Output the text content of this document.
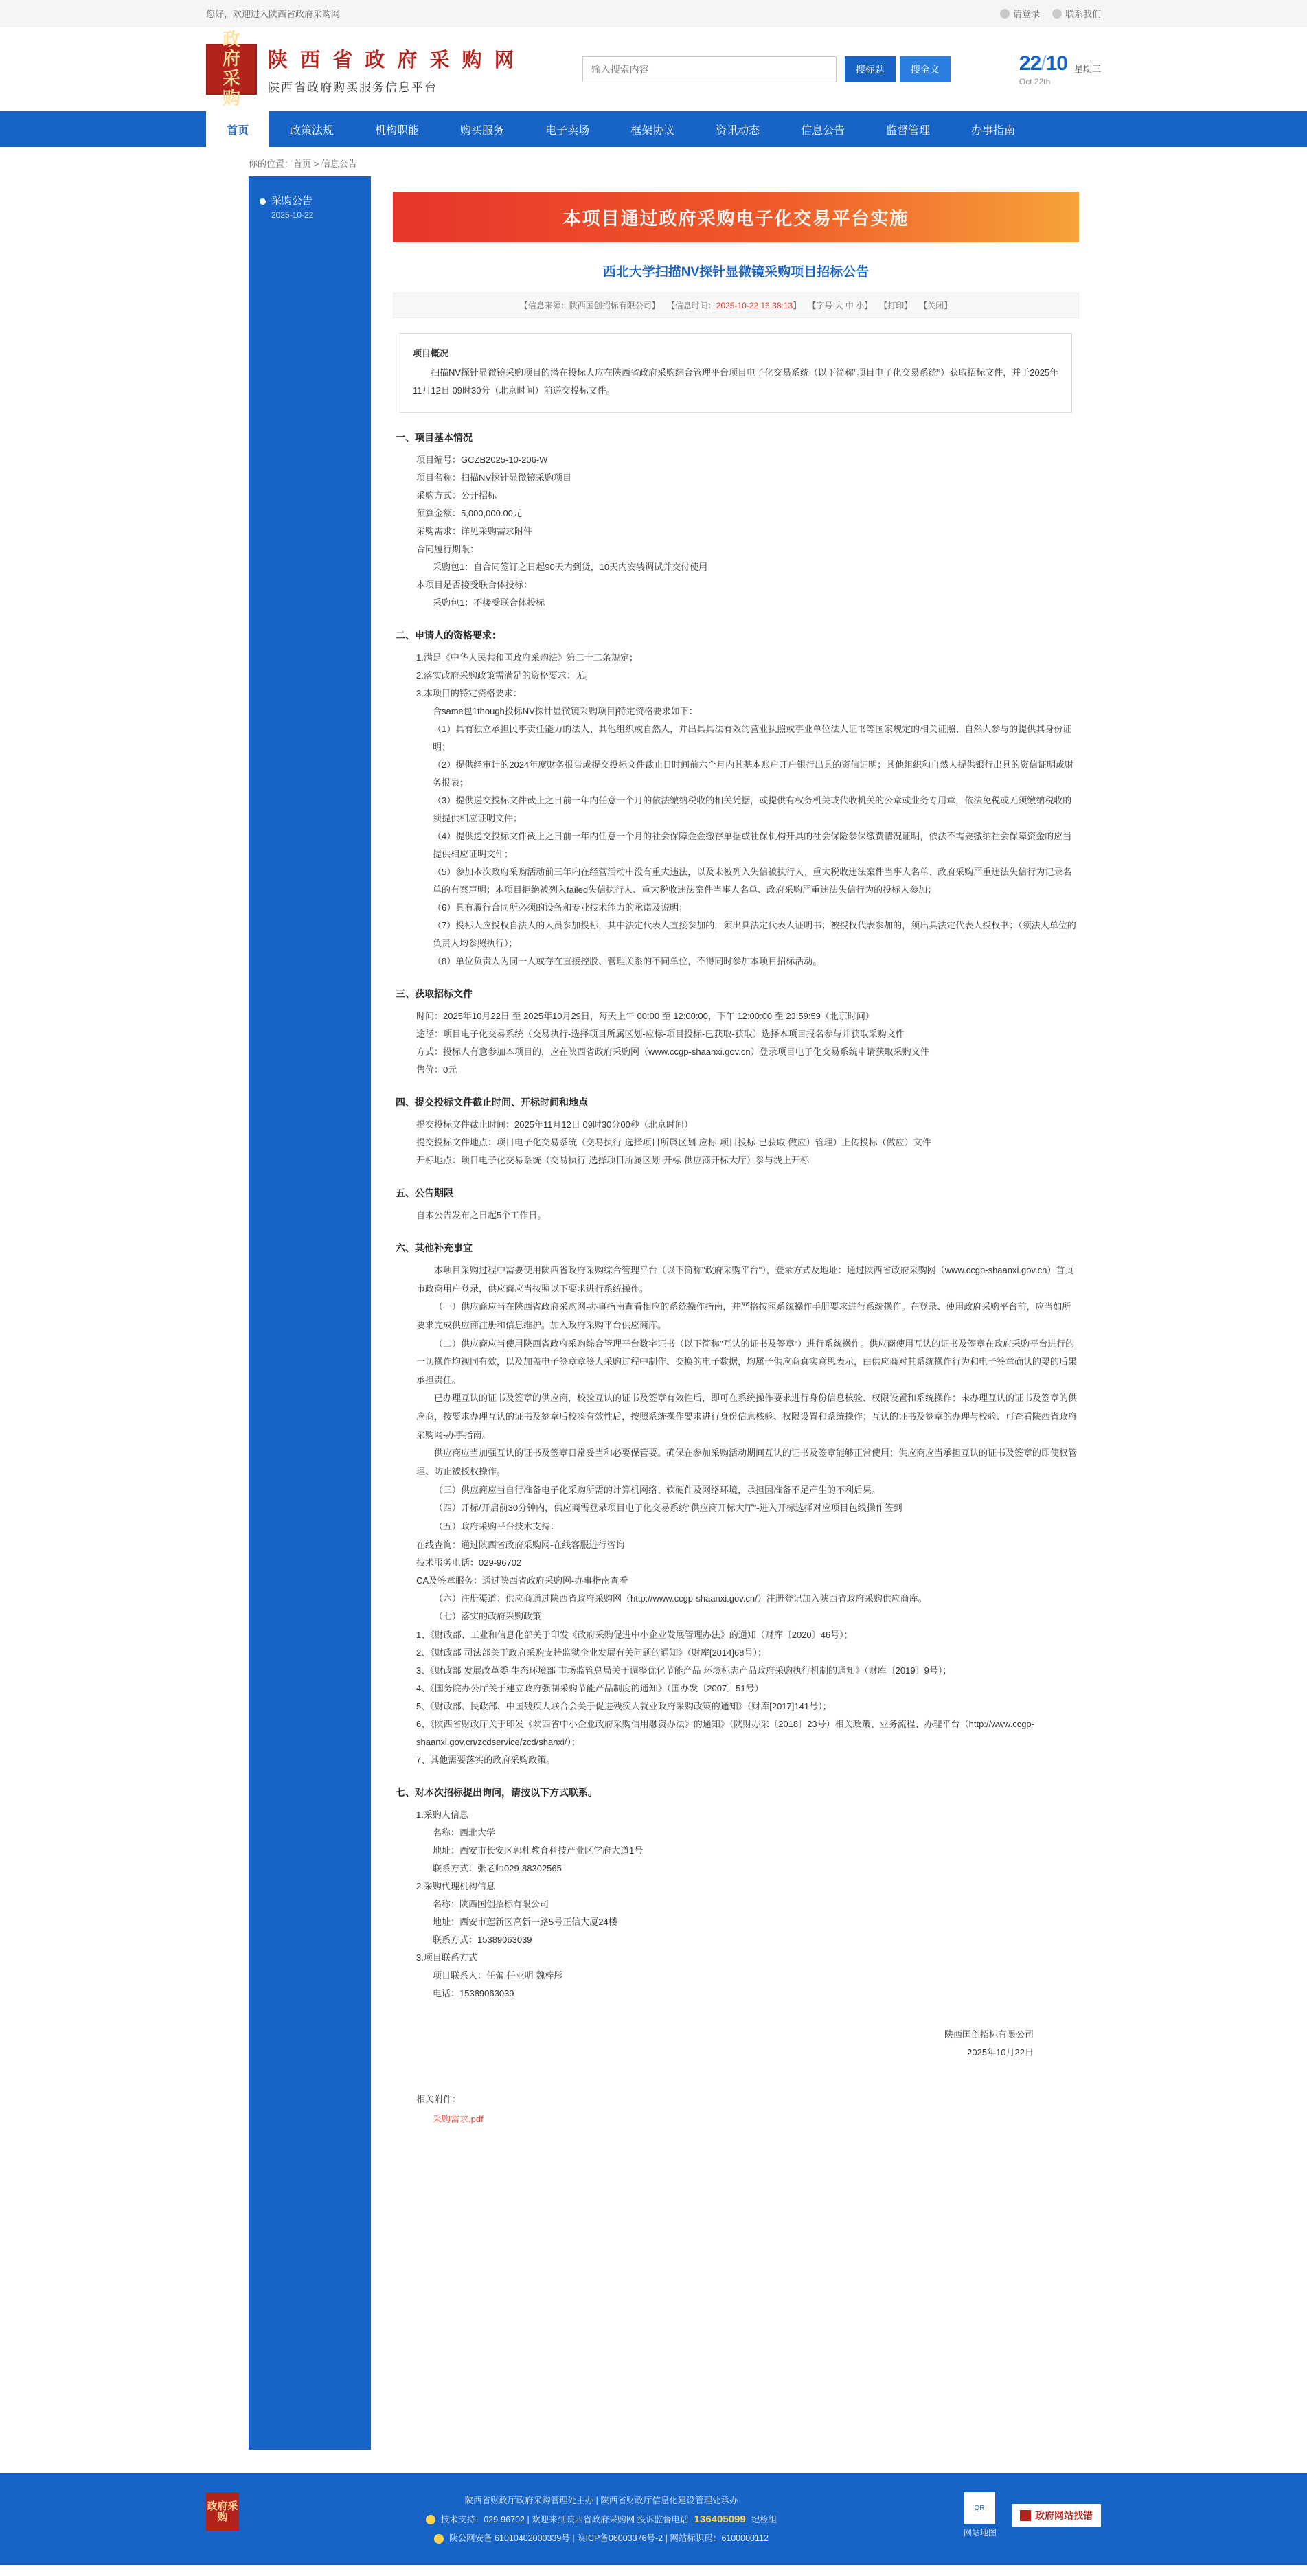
您好，欢迎进入陕西省政府采购网	请登录	联系我们
政府采购
陕 西 省 政 府 采 购 网
陕西省政府购买服务信息平台
输入搜索内容
搜标题	搜全文	22/10
Oct 22th
星期三
首页	政策法规	机构职能	购买服务	电子卖场	框架协议	资讯动态	信息公告	监督管理	办事指南
你的位置：首页 > 信息公告
采购公告
2025-10-22	本项目通过政府采购电子化交易平台实施
西北大学扫描NV探针显微镜采购项目招标公告
【信息来源：陕西国创招标有限公司】 【信息时间：2025-10-22 16:38:13】 【字号 大 中 小】 【打印】 【关闭】
项目概况

扫描NV探针显微镜采购项目的潜在投标人应在陕西省政府采购综合管理平台项目电子化交易系统（以下简称"项目电子化交易系统"）获取招标文件，并于2025年11月12日 09时30分（北京时间）前递交投标文件。

一、项目基本情况
项目编号：GCZB2025-10-206-W
项目名称：扫描NV探针显微镜采购项目
采购方式：公开招标
预算金额：5,000,000.00元
采购需求：详见采购需求附件
合同履行期限：
采购包1：自合同签订之日起90天内到货，10天内安装调试并交付使用
本项目是否接受联合体投标：
采购包1：不接受联合体投标
二、申请人的资格要求：
1.满足《中华人民共和国政府采购法》第二十二条规定；
2.落实政府采购政策需满足的资格要求：无。
3.本项目的特定资格要求：
合same包1though投标NV探针显微镜采购项目j特定资格要求如下：
（1）具有独立承担民事责任能力的法人、其他组织或自然人，并出具具法有效的营业执照或事业单位法人证书等国家规定的相关证照、自然人参与的提供其身份证明；
（2）提供经审计的2024年度财务报告或提交投标文件截止日时间前六个月内其基本账户开户银行出具的资信证明；其他组织和自然人提供银行出具的资信证明或财务报表；
（3）提供递交投标文件截止之日前一年内任意一个月的依法缴纳税收的相关凭据，或提供有权务机关或代收机关的公章或业务专用章，依法免税或无须缴纳税收的须提供相应证明文件；
（4）提供递交投标文件截止之日前一年内任意一个月的社会保障金金缴存单据或社保机构开具的社会保险参保缴费情况证明，依法不需要缴纳社会保障资金的应当提供相应证明文件；
（5）参加本次政府采购活动前三年内在经营活动中没有重大违法，以及未被列入失信被执行人、重大税收违法案件当事人名单、政府采购严重违法失信行为记录名单的有案声明；本项目拒绝被列入failed失信执行人、重大税收违法案件当事人名单、政府采购严重违法失信行为的投标人参加；
（6）具有履行合同所必须的设备和专业技术能力的承诺及说明；
（7）投标人应授权自法人的人员参加投标，其中法定代表人直接参加的，须出具法定代表人证明书；被授权代表参加的，须出具法定代表人授权书；（须法人单位的负责人均参照执行）；
（8）单位负责人为同一人或存在直接控股、管理关系的不同单位，不得同时参加本项目招标活动。
三、获取招标文件
时间：2025年10月22日 至 2025年10月29日，每天上午 00:00 至 12:00:00，下午 12:00:00 至 23:59:59（北京时间）
途径：项目电子化交易系统（交易执行-选择项目所属区划-应标-项目投标-已获取-获取）选择本项目报名参与并获取采购文件
方式：投标人有意参加本项目的，应在陕西省政府采购网（www.ccgp-shaanxi.gov.cn）登录项目电子化交易系统申请获取采购文件
售价：0元
四、提交投标文件截止时间、开标时间和地点
提交投标文件截止时间：2025年11月12日 09时30分00秒（北京时间）
提交投标文件地点：项目电子化交易系统（交易执行-选择项目所属区划-应标-项目投标-已获取-做应）管理）上传投标（做应）文件
开标地点：项目电子化交易系统（交易执行-选择项目所属区划-开标-供应商开标大厅）参与线上开标
五、公告期限
自本公告发布之日起5个工作日。
六、其他补充事宜
本项目采购过程中需要使用陕西省政府采购综合管理平台（以下简称"政府采购平台"），登录方式及地址：通过陕西省政府采购网（www.ccgp-shaanxi.gov.cn）首页市政商用户登录，供应商应当按照以下要求进行系统操作。
（一）供应商应当在陕西省政府采购网-办事指南查看相应的系统操作指南，并严格按照系统操作手册要求进行系统操作。在登录、使用政府采购平台前，应当如所要求完成供应商注册和信息维护。加入政府采购平台供应商库。
（二）供应商应当使用陕西省政府采购综合管理平台数字证书（以下简称"互认的证书及签章"）进行系统操作。供应商使用互认的证书及签章在政府采购平台进行的一切操作均视同有效，以及加盖电子签章章签人采购过程中制作、交换的电子数据，均属子供应商真实意思表示，由供应商对其系统操作行为和电子签章确认的要的后果承担责任。
已办理互认的证书及签章的供应商，校验互认的证书及签章有效性后，即可在系统操作要求进行身份信息核验、权限设置和系统操作；未办理互认的证书及签章的供应商，按要求办理互认的证书及签章后校验有效性后，按照系统操作要求进行身份信息核验、权限设置和系统操作；互认的证书及签章的办理与校验、可查看陕西省政府采购网-办事指南。
供应商应当加强互认的证书及签章日常妥当和必要保管要。确保在参加采购活动期间互认的证书及签章能够正常使用；供应商应当承担互认的证书及签章的即使权管理、防止被授权操作。
（三）供应商应当自行准备电子化采购所需的计算机网络、软硬件及网络环境，承担因准备不足产生的不利后果。
（四）开标/开启前30分钟内，供应商需登录项目电子化交易系统"供应商开标大厅"-进入开标选择对应项目包线操作签到
（五）政府采购平台技术支持：
在线查询：通过陕西省政府采购网-在线客服进行咨询
技术服务电话：029-96702
CA及签章服务：通过陕西省政府采购网-办事指南查看
（六）注册渠道：供应商通过陕西省政府采购网（http://www.ccgp-shaanxi.gov.cn/）注册登记加入陕西省政府采购供应商库。
（七）落实的政府采购政策
1、《财政部、工业和信息化部关于印发《政府采购促进中小企业发展管理办法》的通知（财库〔2020〕46号）；
2、《财政部 司法部关于政府采购支持监狱企业发展有关问题的通知》（财库[2014]68号）；
3、《财政部 发展改革委 生态环境部 市场监管总局关于调整优化节能产品 环境标志产品政府采购执行机制的通知》（财库〔2019〕9号）；
4、《国务院办公厅关于建立政府强制采购节能产品制度的通知》（国办发〔2007〕51号）
5、《财政部、民政部、中国残疾人联合会关于促进残疾人就业政府采购政策的通知》（财库[2017]141号）；
6、《陕西省财政厅关于印发《陕西省中小企业政府采购信用融资办法》的通知》（陕财办采〔2018〕23号）相关政策、业务流程、办理平台（http://www.ccgp-shaanxi.gov.cn/zcdservice/zcd/shanxi/）；
7、其他需要落实的政府采购政策。
七、对本次招标提出询问，请按以下方式联系。
1.采购人信息
名称：西北大学
地址：西安市长安区郭杜教育科技产业区学府大道1号
联系方式：张老师029-88302565
2.采购代理机构信息
名称：陕西国创招标有限公司
地址：西安市莲新区高新一路5号正信大厦24楼
联系方式：15389063039
3.项目联系方式
项目联系人：任蕾 任亚明 魏梓彤
电话：15389063039
陕西国创招标有限公司
2025年10月22日
相关附件：
采购需求.pdf
政府采购
陕西省财政厅政府采购管理处主办 | 陕西省财政厅信息化建设管理处承办
技术支持：029-96702 | 欢迎来到陕西省政府采购网 投诉监督电话 136405099 纪检组
陕公网安备 61010402000339号 | 陕ICP备06003376号-2 | 网站标识码：6100000112
QR
网站地图
政府网站找错
